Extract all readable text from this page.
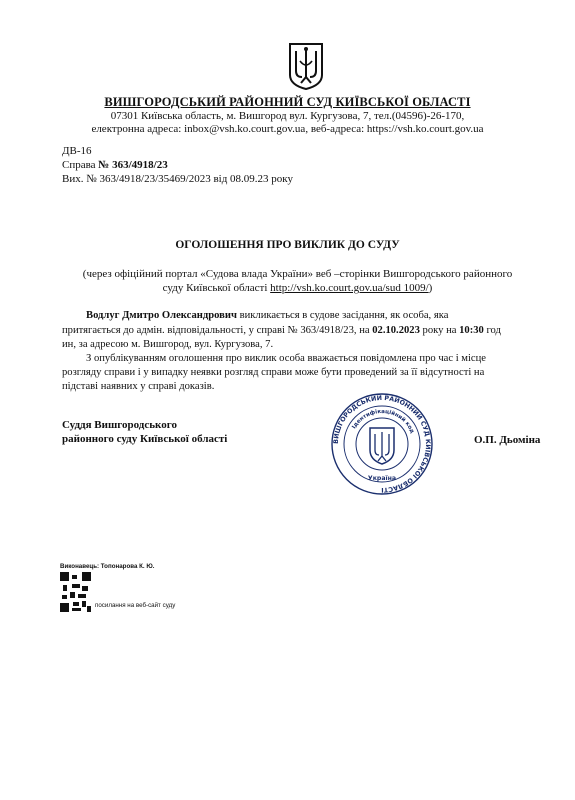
ВИШГОРОДСЬКИЙ РАЙОННИЙ СУД КИЇВСЬКОЇ ОБЛАСТІ
07301 Київська область, м. Вишгород вул. Кургузова, 7, тел.(04596)-26-170,
електронна адреса: inbox@vsh.ko.court.gov.ua, веб-адреса: https://vsh.ko.court.gov.ua
ДВ-16
Справа № 363/4918/23
Вих. № 363/4918/23/35469/2023 від 08.09.23 року
ОГОЛОШЕННЯ ПРО ВИКЛИК ДО СУДУ
(через офіційний портал «Судова влада України» веб –сторінки Вишгородського районного
суду Київської області http://vsh.ko.court.gov.ua/sud 1009/)
Водлуг Дмитро Олександрович викликається в судове засідання, як особа, яка
притягається до адмін. відповідальності, у справі № 363/4918/23, на 02.10.2023 року на 10:30 год
ин, за адресою м. Вишгород, вул. Кургузова, 7.
З опублікуванням оголошення про виклик особа вважається повідомлена про час і місце
розгляду справи і у випадку неявки розгляд справи може бути проведений за її відсутності на
підставі наявних у справі доказів.
Суддя Вишгородського
районного суду Київської області	О.П. Дьоміна
ВИШГОРОДСЬКИЙ РАЙОННИЙ СУД КИЇВСЬКОЇ ОБЛАСТІ
Ідентифікаційний код
Україна
Виконавець: Топонарова К. Ю.
посилання на веб-сайт суду
